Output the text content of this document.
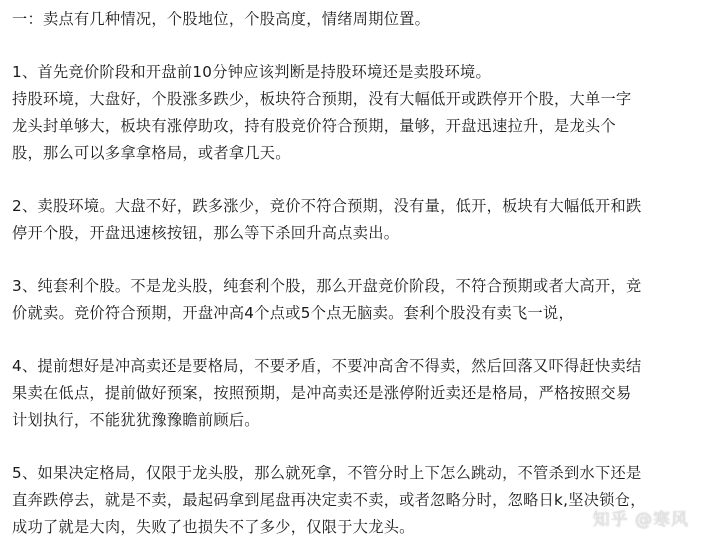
一：卖点有几种情况，个股地位，个股高度，情绪周期位置。

1、首先竞价阶段和开盘前10分钟应该判断是持股环境还是卖股环境。
持股环境，大盘好，个股涨多跌少，板块符合预期，没有大幅低开或跌停开个股，大单一字
龙头封单够大，板块有涨停助攻，持有股竞价符合预期，量够，开盘迅速拉升，是龙头个
股，那么可以多拿拿格局，或者拿几天。
2、卖股环境。大盘不好，跌多涨少，竞价不符合预期，没有量，低开，板块有大幅低开和跌
停开个股，开盘迅速核按钮，那么等下杀回升高点卖出。
3、纯套利个股。不是龙头股，纯套利个股，那么开盘竞价阶段，不符合预期或者大高开，竞
价就卖。竞价符合预期，开盘冲高4个点或5个点无脑卖。套利个股没有卖飞一说，
4、提前想好是冲高卖还是要格局，不要矛盾，不要冲高舍不得卖，然后回落又吓得赶快卖结
果卖在低点，提前做好预案，按照预期，是冲高卖还是涨停附近卖还是格局，严格按照交易
计划执行，不能犹犹豫豫瞻前顾后。
5、如果决定格局，仅限于龙头股，那么就死拿，不管分时上下怎么跳动，不管杀到水下还是
直奔跌停去，就是不卖，最起码拿到尾盘再决定卖不卖，或者忽略分时，忽略日k,坚决锁仓，
成功了就是大肉，失败了也损失不了多少，仅限于大龙头。	知乎 @寒风
